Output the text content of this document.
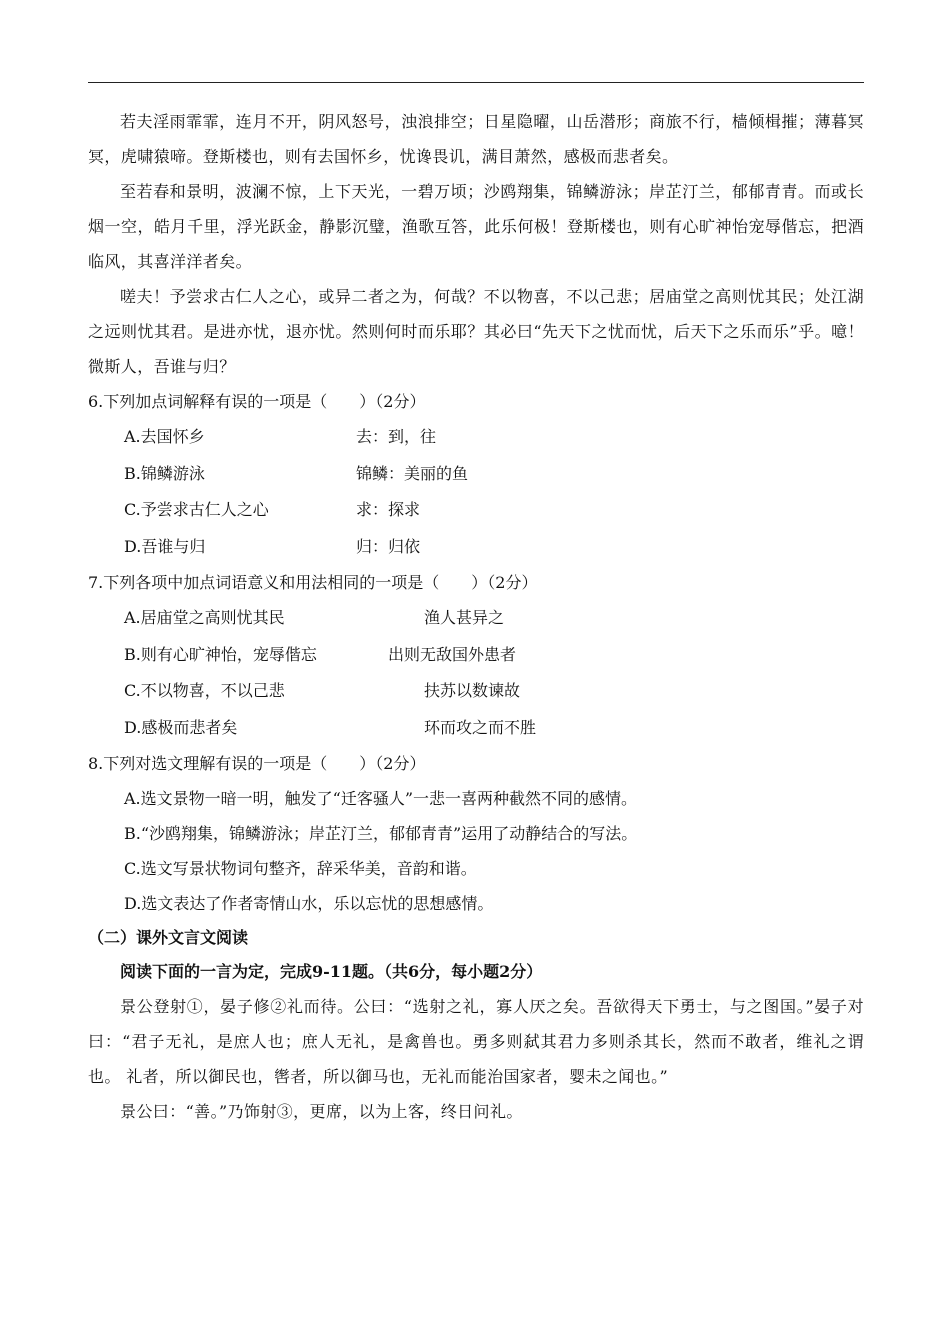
若夫淫雨霏霏，连月不开，阴风怒号，浊浪排空；日星隐曜，山岳潜形；商旅不行，樯倾楫摧；薄暮冥冥，虎啸猿啼。登斯楼也，则有去国怀乡，忧谗畏讥，满目萧然，感极而悲者矣。

至若春和景明，波澜不惊，上下天光，一碧万顷；沙鸥翔集，锦鳞游泳；岸芷汀兰，郁郁青青。而或长烟一空，皓月千里，浮光跃金，静影沉璧，渔歌互答，此乐何极！登斯楼也，则有心旷神怡宠辱偕忘，把酒临风，其喜洋洋者矣。

嗟夫！予尝求古仁人之心，或异二者之为，何哉？不以物喜，不以己悲；居庙堂之高则忧其民；处江湖之远则忧其君。是进亦忧，退亦忧。然则何时而乐耶？其必曰“先天下之忧而忧，后天下之乐而乐”乎。噫！微斯人，吾谁与归？

6.下列加点词解释有误的一项是（　　）（2分）

A.去国怀乡	去：到，往
B.锦鳞游泳	锦鳞：美丽的鱼
C.予尝求古仁人之心	求：探求
D.吾谁与归	归：归依

7.下列各项中加点词语意义和用法相同的一项是（　　）（2分）

A.居庙堂之高则忧其民	渔人甚异之
B.则有心旷神怡，宠辱偕忘	出则无敌国外患者
C.不以物喜，不以己悲	扶苏以数谏故
D.感极而悲者矣	环而攻之而不胜

8.下列对选文理解有误的一项是（　　）（2分）

A.选文景物一暗一明，触发了“迁客骚人”一悲一喜两种截然不同的感情。

B.“沙鸥翔集，锦鳞游泳；岸芷汀兰，郁郁青青”运用了动静结合的写法。

C.选文写景状物词句整齐，辞采华美，音韵和谐。

D.选文表达了作者寄情山水，乐以忘忧的思想感情。

（二）课外文言文阅读

阅读下面的一言为定，完成9-11题。（共6分，每小题2分）

景公登射①，晏子修②礼而待。公曰：“选射之礼，寡人厌之矣。吾欲得天下勇士，与之图国。”晏子对曰：“君子无礼，是庶人也；庶人无礼，是禽兽也。勇多则弑其君力多则杀其长，然而不敢者，维礼之谓也。 礼者，所以御民也，辔者，所以御马也，无礼而能治国家者，婴未之闻也。”

景公曰：“善。”乃饰射③，更席，以为上客，终日问礼。
